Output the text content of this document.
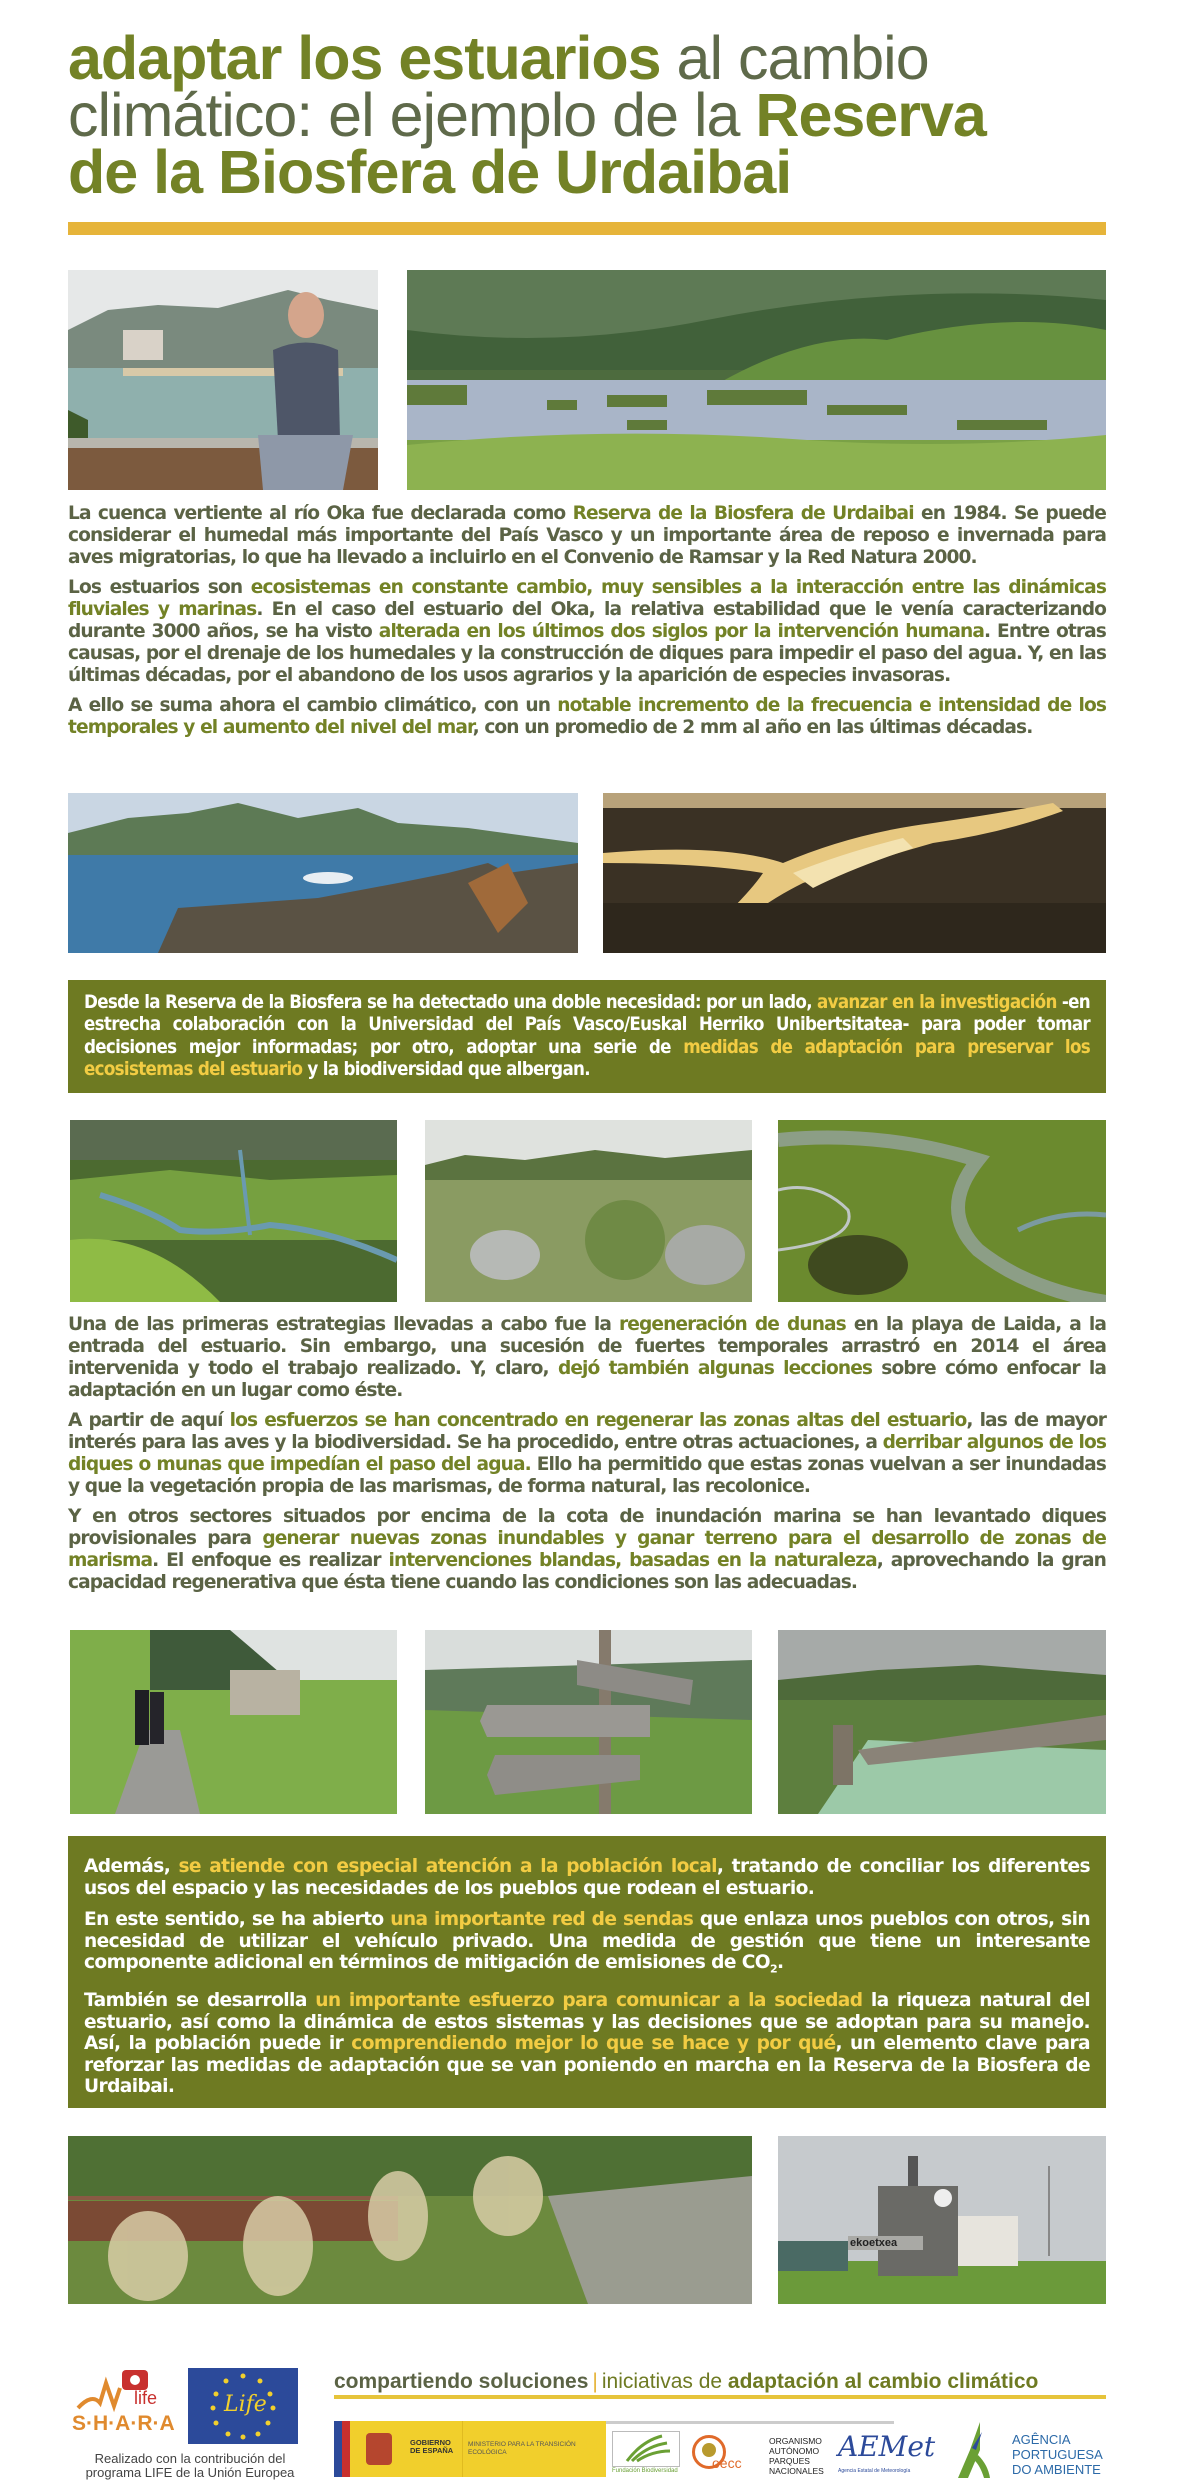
adaptar los estuarios al cambio
climático: el ejemplo de la Reserva
de la Biosfera de Urdaibai

La cuenca vertiente al río Oka fue declarada como Reserva de la Biosfera de Urdaibai en 1984. Se puede considerar el humedal más importante del País Vasco y un importante área de reposo e invernada para aves migratorias, lo que ha llevado a incluirlo en el Convenio de Ramsar y la Red Natura 2000.

Los estuarios son ecosistemas en constante cambio, muy sensibles a la interacción entre las dinámicas fluviales y marinas. En el caso del estuario del Oka, la relativa estabilidad que le venía caracterizando durante 3000 años, se ha visto alterada en los últimos dos siglos por la intervención humana. Entre otras causas, por el drenaje de los humedales y la construcción de diques para impedir el paso del agua. Y, en las últimas décadas, por el abandono de los usos agrarios y la aparición de especies invasoras.

A ello se suma ahora el cambio climático, con un notable incremento de la frecuencia e intensidad de los temporales y el aumento del nivel del mar, con un promedio de 2 mm al año en las últimas décadas.

Desde la Reserva de la Biosfera se ha detectado una doble necesidad: por un lado, avanzar en la investigación -en estrecha colaboración con la Universidad del País Vasco/Euskal Herriko Unibertsitatea- para poder tomar decisiones mejor informadas; por otro, adoptar una serie de medidas de adaptación para preservar los ecosistemas del estuario y la biodiversidad que albergan.

Una de las primeras estrategias llevadas a cabo fue la regeneración de dunas en la playa de Laida, a la entrada del estuario. Sin embargo, una sucesión de fuertes temporales arrastró en 2014 el área intervenida y todo el trabajo realizado. Y, claro, dejó también algunas lecciones sobre cómo enfocar la adaptación en un lugar como éste.

A partir de aquí los esfuerzos se han concentrado en regenerar las zonas altas del estuario, las de mayor interés para las aves y la biodiversidad. Se ha procedido, entre otras actuaciones, a derribar algunos de los diques o munas que impedían el paso del agua. Ello ha permitido que estas zonas vuelvan a ser inundadas y que la vegetación propia de las marismas, de forma natural, las recolonice.

Y en otros sectores situados por encima de la cota de inundación marina se han levantado diques provisionales para generar nuevas zonas inundables y ganar terreno para el desarrollo de zonas de marisma. El enfoque es realizar intervenciones blandas, basadas en la naturaleza, aprovechando la gran capacidad regenerativa que ésta tiene cuando las condiciones son las adecuadas.

Además, se atiende con especial atención a la población local, tratando de conciliar los diferentes usos del espacio y las necesidades de los pueblos que rodean el estuario.

En este sentido, se ha abierto una importante red de sendas que enlaza unos pueblos con otros, sin necesidad de utilizar el vehículo privado. Una medida de gestión que tiene un interesante componente adicional en términos de mitigación de emisiones de $CO_2$.

También se desarrolla un importante esfuerzo para comunicar a la sociedad la riqueza natural del estuario, así como la dinámica de estos sistemas y las decisiones que se adoptan para su manejo. Así, la población puede ir comprendiendo mejor lo que se hace y por qué, un elemento clave para reforzar las medidas de adaptación que se van poniendo en marcha en la Reserva de la Biosfera de Urdaibai.

ekoetxea
life
S·H·A·R·A
Life
Realizado con la contribución del programa LIFE de la Unión Europea
compartiendo soluciones | iniciativas de adaptación al cambio climático
GOBIERNO DE ESPAÑA
MINISTERIO PARA LA TRANSICIÓN ECOLÓGICA
Fundación Biodiversidad oecc
ORGANISMO AUTÓNOMO PARQUES NACIONALES
AEMet
Agencia Estatal de Meteorología
AGÊNCIA
PORTUGUESA
DO AMBIENTE
